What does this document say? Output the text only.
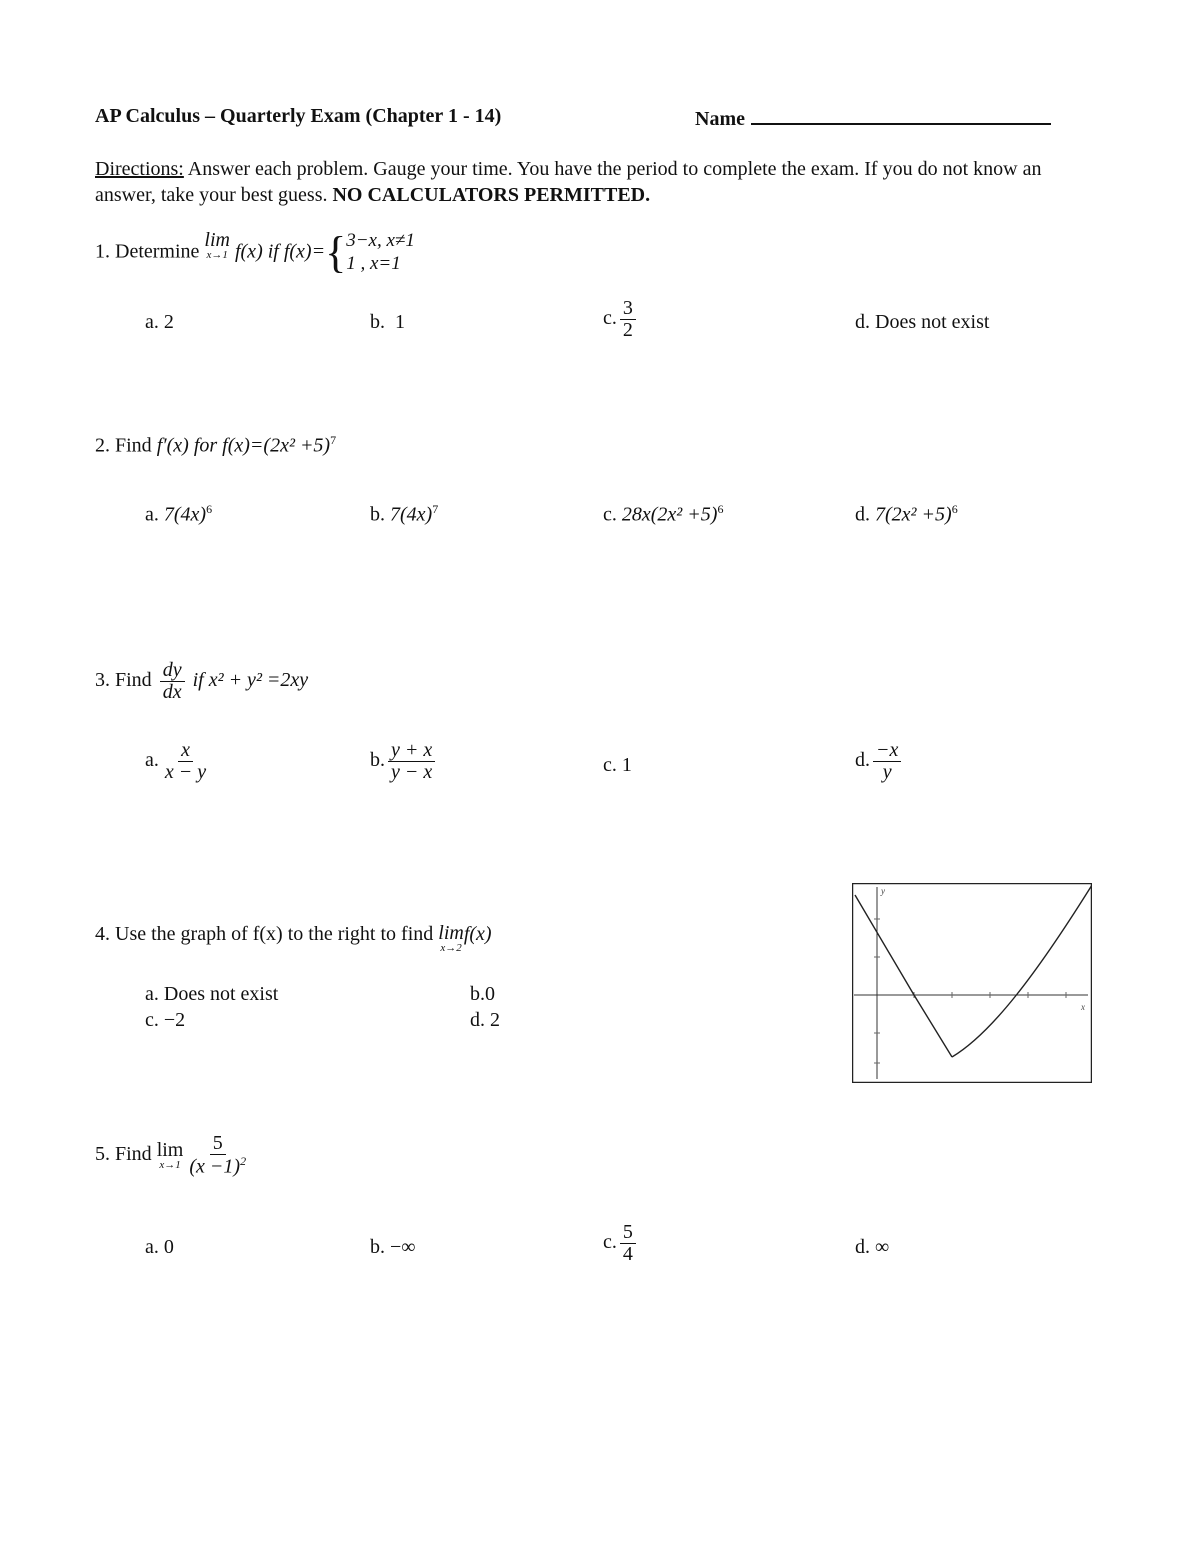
AP Calculus – Quarterly Exam (Chapter 1 - 14)	Name
Directions: Answer each problem. Gauge your time. You have the period to complete the exam. If you do not know an answer, take your best guess. NO CALCULATORS PERMITTED.
1. Determine
lim
x→1 f(x) if f(x)={ 3−x, x≠1
1 , x=1
a. 2	b. 1	c. $\frac{3}{2}$	d. Does not exist
2. Find f′(x) for $f(x)=(2x^2 +5)^7$
a. $7(4x)^6$	b. $7(4x)^7$	c. $28x(2x^2 +5)^6$	d. $7(2x^2 +5)^6$
3. Find $\frac{dy}{dx}$ if x² + y² =2xy
a. $\frac{x}{x - y}$	b. $\frac{y + x}{y - x}$	c. 1	d. $\frac{-x}{y}$
4. Use the graph of f(x) to the right to find lim
x→2
f(x)
a. Does not exist	b.0
c. −2	d. 2
y
x
5. Find lim
$x\to 1 \frac{5}{(x -1)^2}$
a. 0	b. −∞	c. $\frac{5}{4}$	d. ∞
